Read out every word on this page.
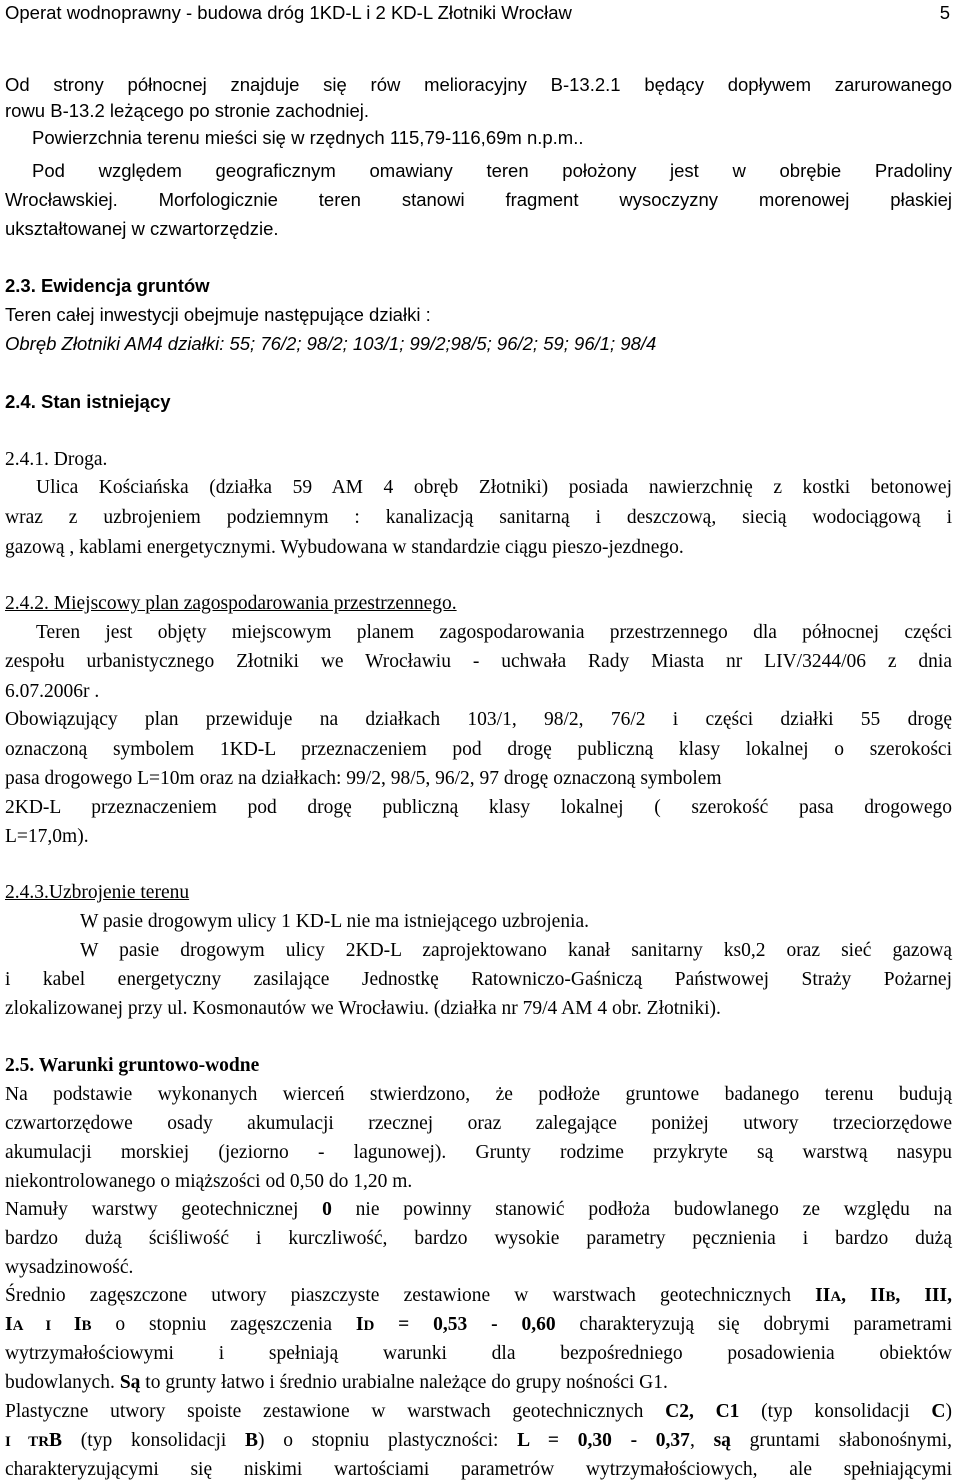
Operat wodnoprawny - budowa dróg 1KD-L i 2 KD-L Złotniki Wrocław	5
Od strony północnej znajduje się rów melioracyjny B-13.2.1 będący dopływem zarurowanego
rowu B-13.2 leżącego po stronie zachodniej.
Powierzchnia terenu mieści się w rzędnych 115,79-116,69m n.p.m..
Pod względem geograficznym omawiany teren położony jest w obrębie Pradoliny
Wrocławskiej. Morfologicznie teren stanowi fragment wysoczyzny morenowej płaskiej
ukształtowanej w czwartorzędzie.
2.3. Ewidencja gruntów
Teren całej inwestycji obejmuje następujące działki :
Obręb Złotniki AM4 działki: 55; 76/2; 98/2; 103/1; 99/2;98/5; 96/2; 59; 96/1; 98/4
2.4. Stan istniejący
2.4.1. Droga.
Ulica Kościańska (działka 59 AM 4 obręb Złotniki) posiada nawierzchnię z kostki betonowej
wraz z uzbrojeniem podziemnym : kanalizacją sanitarną i deszczową, siecią wodociągową i
gazową , kablami energetycznymi. Wybudowana w standardzie ciągu pieszo-jezdnego.
2.4.2. Miejscowy plan zagospodarowania przestrzennego.
Teren jest objęty miejscowym planem zagospodarowania przestrzennego dla północnej części
zespołu urbanistycznego Złotniki we Wrocławiu - uchwała Rady Miasta nr LIV/3244/06 z dnia
6.07.2006r .
Obowiązujący plan przewiduje na działkach 103/1, 98/2, 76/2 i części działki 55 drogę
oznaczoną symbolem 1KD-L przeznaczeniem pod drogę publiczną klasy lokalnej o szerokości
pasa drogowego L=10m oraz na działkach: 99/2, 98/5, 96/2, 97 drogę oznaczoną symbolem
2KD-L przeznaczeniem pod drogę publiczną klasy lokalnej ( szerokość pasa drogowego
L=17,0m).
2.4.3.Uzbrojenie terenu
W pasie drogowym ulicy 1 KD-L nie ma istniejącego uzbrojenia.
W pasie drogowym ulicy 2KD-L zaprojektowano kanał sanitarny ks0,2 oraz sieć gazową
i kabel energetyczny zasilające Jednostkę Ratowniczo-Gaśniczą Państwowej Straży Pożarnej
zlokalizowanej przy ul. Kosmonautów we Wrocławiu. (działka nr 79/4 AM 4 obr. Złotniki).
2.5. Warunki gruntowo-wodne
Na podstawie wykonanych wierceń stwierdzono, że podłoże gruntowe badanego terenu budują
czwartorzędowe osady akumulacji rzecznej oraz zalegające poniżej utwory trzeciorzędowe
akumulacji morskiej (jeziorno - lagunowej). Grunty rodzime przykryte są warstwą nasypu
niekontrolowanego o miąższości od 0,50 do 1,20 m.
Namuły warstwy geotechnicznej 0 nie powinny stanowić podłoża budowlanego ze względu na
bardzo dużą ściśliwość i kurczliwość, bardzo wysokie parametry pęcznienia i bardzo dużą
wysadzinowość.
Średnio zagęszczone utwory piaszczyste zestawione w warstwach geotechnicznych IIA, IIB, III,
IA I IB o stopniu zagęszczenia ID = 0,53 - 0,60 charakteryzują się dobrymi parametrami
wytrzymałościowymi i spełniają warunki dla bezpośredniego posadowienia obiektów
budowlanych. Są to grunty łatwo i średnio urabialne należące do grupy nośności G1.
Plastyczne utwory spoiste zestawione w warstwach geotechnicznych C2, C1 (typ konsolidacji C)
I TRB (typ konsolidacji B) o stopniu plastyczności: L = 0,30 - 0,37, są gruntami słabonośnymi,
charakteryzującymi się niskimi wartościami parametrów wytrzymałościowych, ale spełniającymi
